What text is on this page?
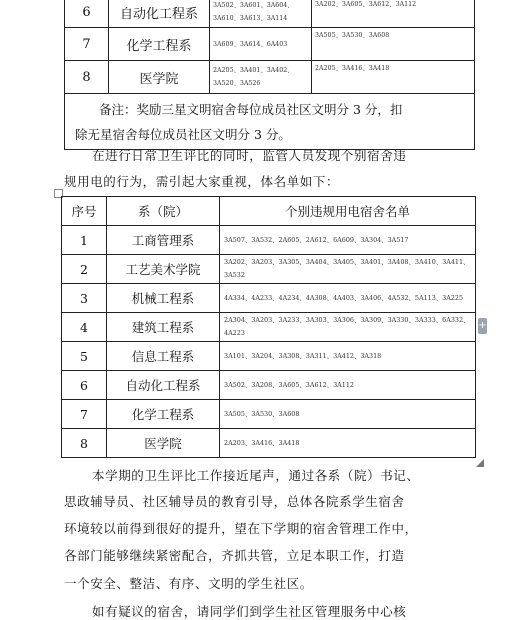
6	自动化工程系	3A502、3A601、3A604、3A610、3A613、3A114	3A202、3A605、3A612、3A112
7	化学工程系	3A609、3A614、6A403	3A505、3A530、3A608
8	医学院	2A205、3A401、3A402、3A520、3A526	2A205、3A416、3A418

备注：奖励三星文明宿舍每位成员社区文明分 3 分，扣
除无星宿舍每位成员社区文明分 3 分。			

在进行日常卫生评比的同时，监管人员发现个别宿舍违

规用电的行为，需引起大家重视，体名单如下：

序号	系（院）	个别违规用电宿舍名单
1	工商管理系	3A507、3A532、2A605、2A612、6A609、3A304、3A517
2	工艺美术学院	3A202、3A203、3A305、3A404、3A405、3A401、3A408、3A410、3A411、3A532
3	机械工程系	4A334、4A233、4A234、4A308、4A403、3A406、4A532、5A113、3A225
4	建筑工程系	2A304、3A203、3A233、3A303、3A306、3A309、3A330、3A333、6A332、4A223
5	信息工程系	3A101、3A204、3A308、3A311、3A412、3A318
6	自动化工程系	3A502、3A208、3A605、3A612、3A112
7	化学工程系	3A505、3A530、3A608
8	医学院	2A203、3A416、3A418
+

本学期的卫生评比工作接近尾声，通过各系（院）书记、

思政辅导员、社区辅导员的教育引导，总体各院系学生宿舍

环境较以前得到很好的提升，望在下学期的宿舍管理工作中，

各部门能够继续紧密配合，齐抓共管，立足本职工作，打造

一个安全、整洁、有序、文明的学生社区。

如有疑议的宿舍，请同学们到学生社区管理服务中心核
